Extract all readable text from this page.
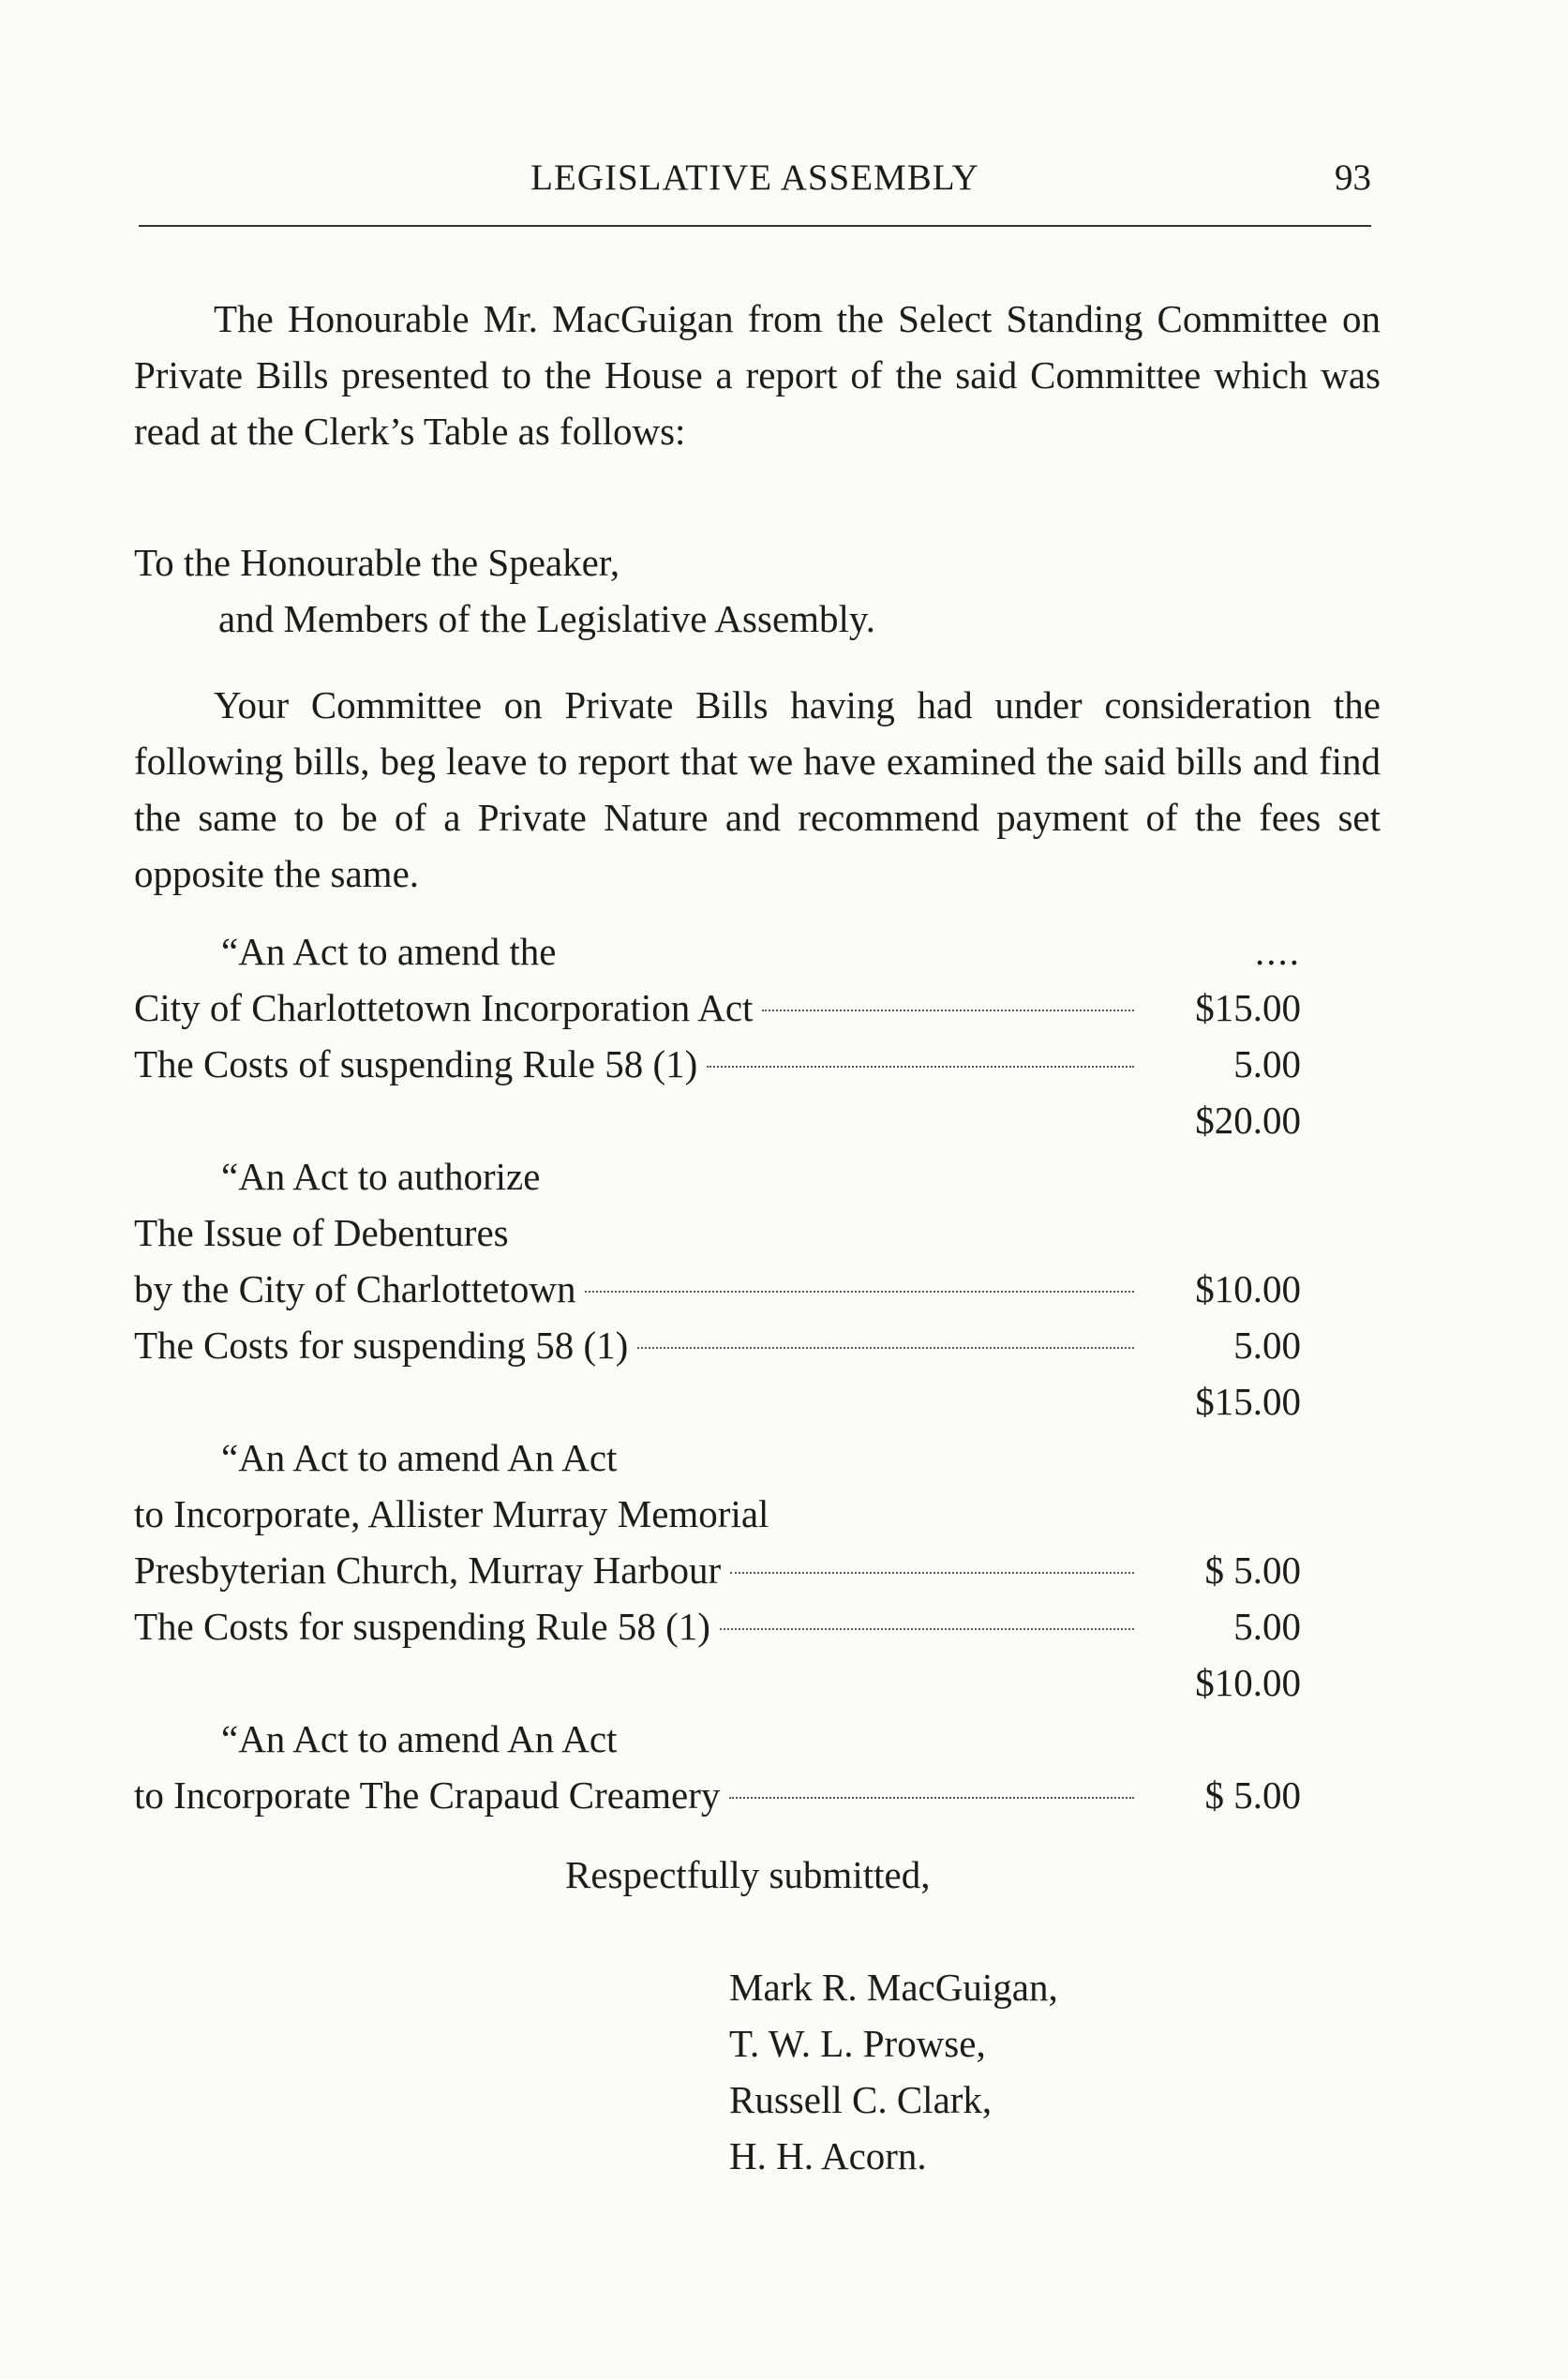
LEGISLATIVE ASSEMBLY	93
The Honourable Mr. MacGuigan from the Select Standing Committee on Private Bills presented to the House a report of the said Committee which was read at the Clerk’s Table as follows:
To the Honourable the Speaker,
and Members of the Legislative Assembly.
Your Committee on Private Bills having had under consideration the following bills, beg leave to report that we have examined the said bills and find the same to be of a Private Nature and recommend payment of the fees set opposite the same.
“An Act to amend the	....
City of Charlottetown Incorporation Act	$15.00
The Costs of suspending Rule 58 (1)	5.00
$20.00
“An Act to authorize
The Issue of Debentures
by the City of Charlottetown	$10.00
The Costs for suspending 58 (1)	5.00
$15.00
“An Act to amend An Act
to Incorporate, Allister Murray Memorial
Presbyterian Church, Murray Harbour	$ 5.00
The Costs for suspending Rule 58 (1)	5.00
$10.00
“An Act to amend An Act
to Incorporate The Crapaud Creamery	$ 5.00
Respectfully submitted,
Mark R. MacGuigan,
T. W. L. Prowse,
Russell C. Clark,
H. H. Acorn.
